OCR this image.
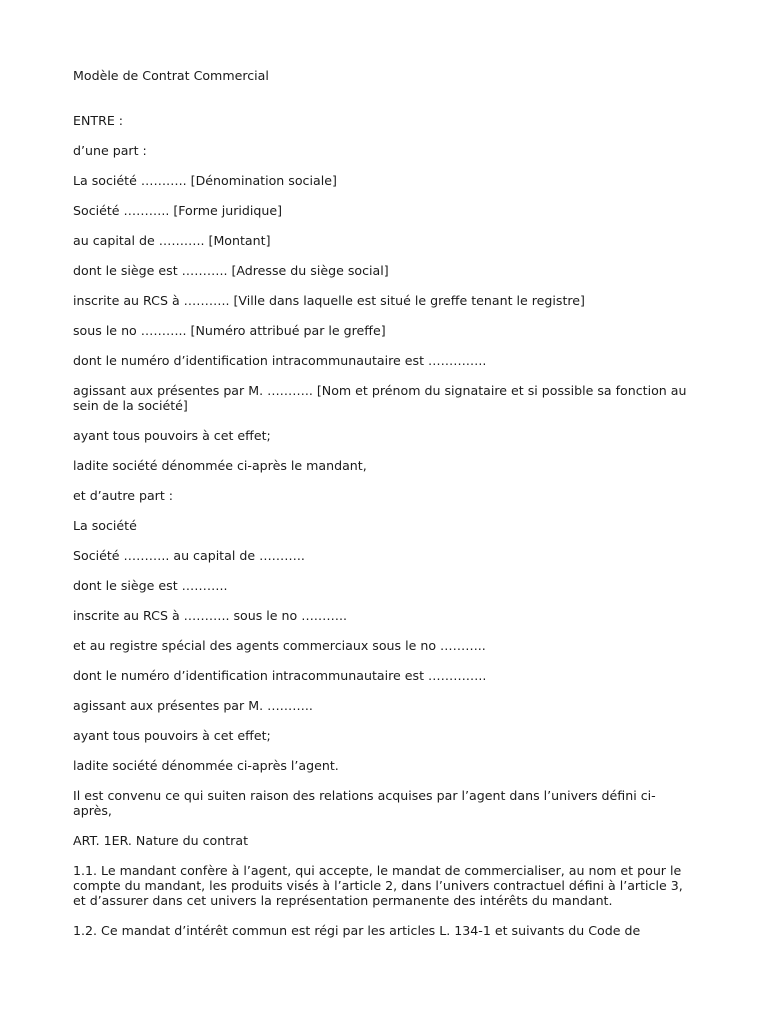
Modèle de Contrat Commercial

ENTRE :

d’une part :

La société ……….. [Dénomination sociale]

Société ……….. [Forme juridique]

au capital de ……….. [Montant]

dont le siège est ……….. [Adresse du siège social]

inscrite au RCS à ……….. [Ville dans laquelle est situé le greffe tenant le registre]

sous le no ……….. [Numéro attribué par le greffe]

dont le numéro d’identification intracommunautaire est …………..

agissant aux présentes par M. ……….. [Nom et prénom du signataire et si possible sa fonction au sein de la société]

ayant tous pouvoirs à cet effet;

ladite société dénommée ci-après le mandant,

et d’autre part :

La société

Société ……….. au capital de ………..

dont le siège est ………..

inscrite au RCS à ……….. sous le no ………..

et au registre spécial des agents commerciaux sous le no ………..

dont le numéro d’identification intracommunautaire est …………..

agissant aux présentes par M. ………..

ayant tous pouvoirs à cet effet;

ladite société dénommée ci-après l’agent.

Il est convenu ce qui suiten raison des relations acquises par l’agent dans l’univers défini ci-après,

ART. 1ER. Nature du contrat

1.1. Le mandant confère à l’agent, qui accepte, le mandat de commercialiser, au nom et pour le compte du mandant, les produits visés à l’article 2, dans l’univers contractuel défini à l’article 3, et d’assurer dans cet univers la représentation permanente des intérêts du mandant.

1.2. Ce mandat d’intérêt commun est régi par les articles L. 134-1 et suivants du Code de
